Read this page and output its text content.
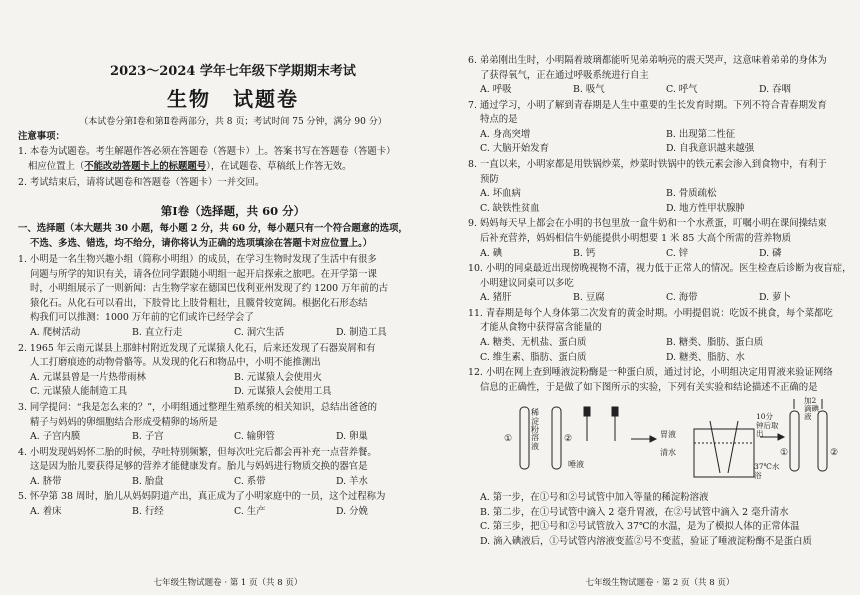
2023～2024 学年七年级下学期期末考试
生物　试题卷
（本试卷分第Ⅰ卷和第Ⅱ卷两部分，共 8 页；考试时间 75 分钟，满分 90 分）
注意事项：
1. 本卷为试题卷。考生解题作答必须在答题卷（答题卡）上。答案书写在答题卷（答题卡）
相应位置上（不能改动答题卡上的标题题号），在试题卷、草稿纸上作答无效。
2. 考试结束后，请将试题卷和答题卷（答题卡）一并交回。
第Ⅰ卷（选择题，共 60 分）
一、选择题（本大题共 30 小题，每小题 2 分，共 60 分，每小题只有一个符合题意的选项，
不选、多选、错选，均不给分，请你将认为正确的选项填涂在答题卡对应位置上。）
1. 小明是一名生物兴趣小组（简称小明组）的成员，在学习生物时发现了生活中有很多
问题与所学的知识有关，请各位同学跟随小明组一起开启探索之旅吧。在开学第一课
时，小明组展示了一则新闻：古生物学家在德国巴伐利亚州发现了约 1200 万年前的古
猿化石。从化石可以看出，下肢骨比上肢骨粗壮，且髋骨较宽阔。根据化石形态结
构我们可以推测：1000 万年前的它们或许已经学会了
A. 爬树活动	B. 直立行走	C. 洞穴生活	D. 制造工具
2. 1965 年云南元谋县上那蚌村附近发现了元谋猿人化石，后来还发现了石器炭屑和有
人工打磨痕迹的动物骨骼等。从发现的化石和物品中，小明不能推测出
A. 元谋县曾是一片热带雨林	B. 元谋猿人会使用火
C. 元谋猿人能制造工具	D. 元谋猿人会使用工具
3. 同学提问：“我是怎么来的？”，小明组通过整理生殖系统的相关知识，总结出爸爸的
精子与妈妈的卵细胞结合形成受精卵的场所是
A. 子宫内膜	B. 子宫	C. 输卵管	D. 卵巢
4. 小明发现妈妈怀二胎的时候，孕吐特别频繁，但每次吐完后都会再补充一点营养餐。
这是因为胎儿要获得足够的营养才能健康发育。胎儿与妈妈进行物质交换的器官是
A. 脐带	B. 胎盘	C. 系带	D. 羊水
5. 怀孕第 38 周时，胎儿从妈妈阴道产出，真正成为了小明家庭中的一员，这个过程称为
A. 着床	B. 行经	C. 生产	D. 分娩
七年级生物试题卷 · 第 1 页（共 8 页）
6. 弟弟刚出生时，小明隔着玻璃都能听见弟弟响亮的震天哭声，这意味着弟弟的身体为
了获得氧气，正在通过呼吸系统进行自主
A. 呼吸	B. 吸气	C. 呼气	D. 吞咽
7. 通过学习，小明了解到青春期是人生中重要的生长发育时期。下列不符合青春期发育
特点的是
A. 身高突增	B. 出现第二性征
C. 大脑开始发育	D. 自我意识越来越强
8. 一直以来，小明家都是用铁锅炒菜，炒菜时铁锅中的铁元素会渗入到食物中，有利于
预防
A. 坏血病	B. 骨质疏松
C. 缺铁性贫血	D. 地方性甲状腺肿
9. 妈妈每天早上都会在小明的书包里放一盒牛奶和一个水煮蛋，叮嘱小明在课间操结束
后补充营养，妈妈相信牛奶能提供小明想要 1 米 85 大高个所需的营养物质
A. 碘	B. 钙	C. 锌	D. 磷
10. 小明的同桌最近出现傍晚视物不清，视力低于正常人的情况。医生检查后诊断为夜盲症，
小明建议同桌可以多吃
A. 猪肝	B. 豆腐	C. 海带	D. 萝卜
11. 青春期是每个人身体第二次发育的黄金时期。小明提倡说：吃饭不挑食，每个菜都吃
才能从食物中获得富含能量的
A. 糖类、无机盐、蛋白质	B. 糖类、脂肪、蛋白质
C. 维生素、脂肪、蛋白质	D. 糖类、脂肪、水
12. 小明在网上查到唾液淀粉酶是一种蛋白质，通过讨论，小明组决定用胃液来验证网络
信息的正确性，于是做了如下图所示的实验，下列有关实验和结论描述不正确的是
①	②
稀淀粉溶液
唾液
胃液
清水
10分钟后取出
37℃水浴
加2滴碘液
①	②
A. 第一步，在①号和②号试管中加入等量的稀淀粉溶液
B. 第二步，在①号试管中滴入 2 毫升胃液，在②号试管中滴入 2 毫升清水
C. 第三步，把①号和②号试管放入 37℃的水温，是为了模拟人体的正常体温
D. 滴入碘液后，①号试管内溶液变蓝②号不变蓝，验证了唾液淀粉酶不是蛋白质
七年级生物试题卷 · 第 2 页（共 8 页）
